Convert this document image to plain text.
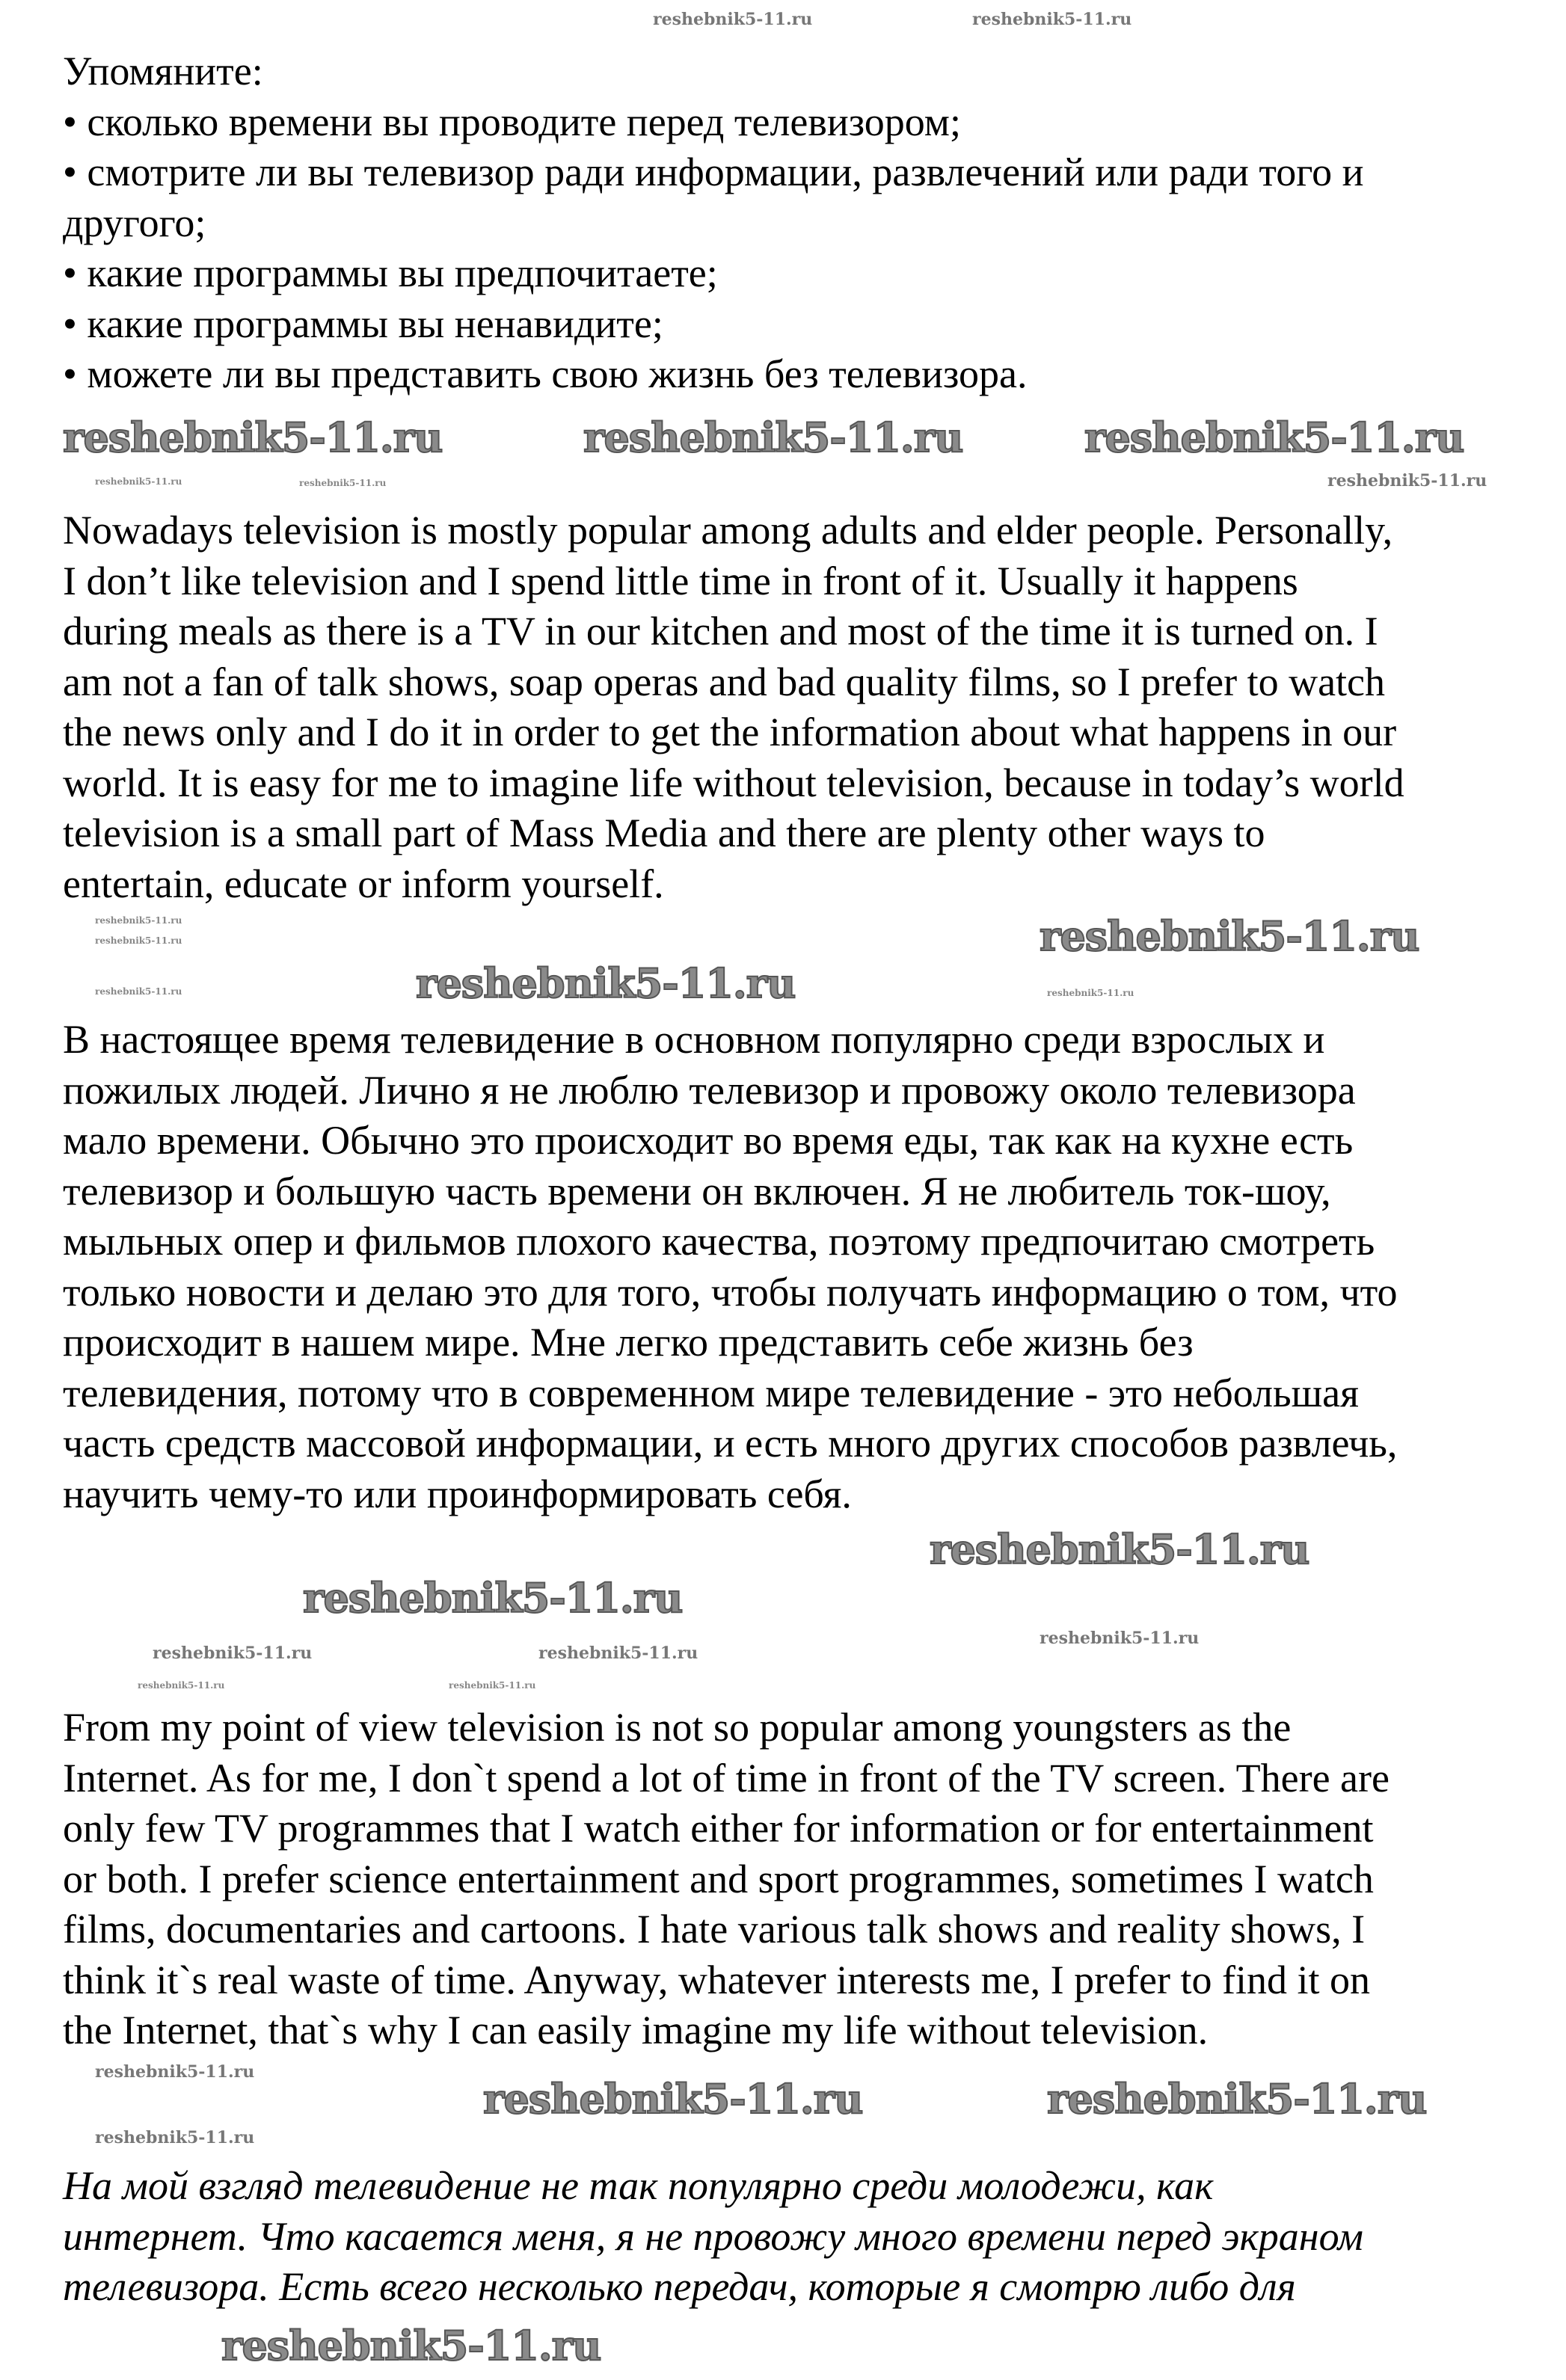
Упомяните:
• сколько времени вы проводите перед телевизором;
• смотрите ли вы телевизор ради информации, развлечений или ради того и
другого;
• какие программы вы предпочитаете;
• какие программы вы ненавидите;
• можете ли вы представить свою жизнь без телевизора.
Nowadays television is mostly popular among adults and elder people. Personally,
I don’t like television and I spend little time in front of it. Usually it happens
during meals as there is a TV in our kitchen and most of the time it is turned on. I
am not a fan of talk shows, soap operas and bad quality films, so I prefer to watch
the news only and I do it in order to get the information about what happens in our
world. It is easy for me to imagine life without television, because in today’s world
television is a small part of Mass Media and there are plenty other ways to
entertain, educate or inform yourself.
В настоящее время телевидение в основном популярно среди взрослых и
пожилых людей. Лично я не люблю телевизор и провожу около телевизора
мало времени. Обычно это происходит во время еды, так как на кухне есть
телевизор и большую часть времени он включен. Я не любитель ток-шоу,
мыльных опер и фильмов плохого качества, поэтому предпочитаю смотреть
только новости и делаю это для того, чтобы получать информацию о том, что
происходит в нашем мире. Мне легко представить себе жизнь без
телевидения, потому что в современном мире телевидение - это небольшая
часть средств массовой информации, и есть много других способов развлечь,
научить чему-то или проинформировать себя.
From my point of view television is not so popular among youngsters as the
Internet. As for me, I don`t spend a lot of time in front of the TV screen. There are
only few TV programmes that I watch either for information or for entertainment
or both. I prefer science entertainment and sport programmes, sometimes I watch
films, documentaries and cartoons. I hate various talk shows and reality shows, I
think it`s real waste of time. Anyway, whatever interests me, I prefer to find it on
the Internet, that`s why I can easily imagine my life without television.
На мой взгляд телевидение не так популярно среди молодежи, как
интернет. Что касается меня, я не провожу много времени перед экраном
телевизора. Есть всего несколько передач, которые я смотрю либо для
reshebnik5-11.ru	reshebnik5-11.ru
reshebnik5-11.ru	reshebnik5-11.ru	reshebnik5-11.ru
reshebnik5-11.ru
reshebnik5-11.ru	reshebnik5-11.ru
reshebnik5-11.ru	reshebnik5-11.ru
reshebnik5-11.ru
reshebnik5-11.ru
reshebnik5-11.ru	reshebnik5-11.ru
reshebnik5-11.ru
reshebnik5-11.ru
reshebnik5-11.ru
reshebnik5-11.ru	reshebnik5-11.ru
reshebnik5-11.ru	reshebnik5-11.ru
reshebnik5-11.ru
reshebnik5-11.ru	reshebnik5-11.ru
reshebnik5-11.ru
reshebnik5-11.ru
